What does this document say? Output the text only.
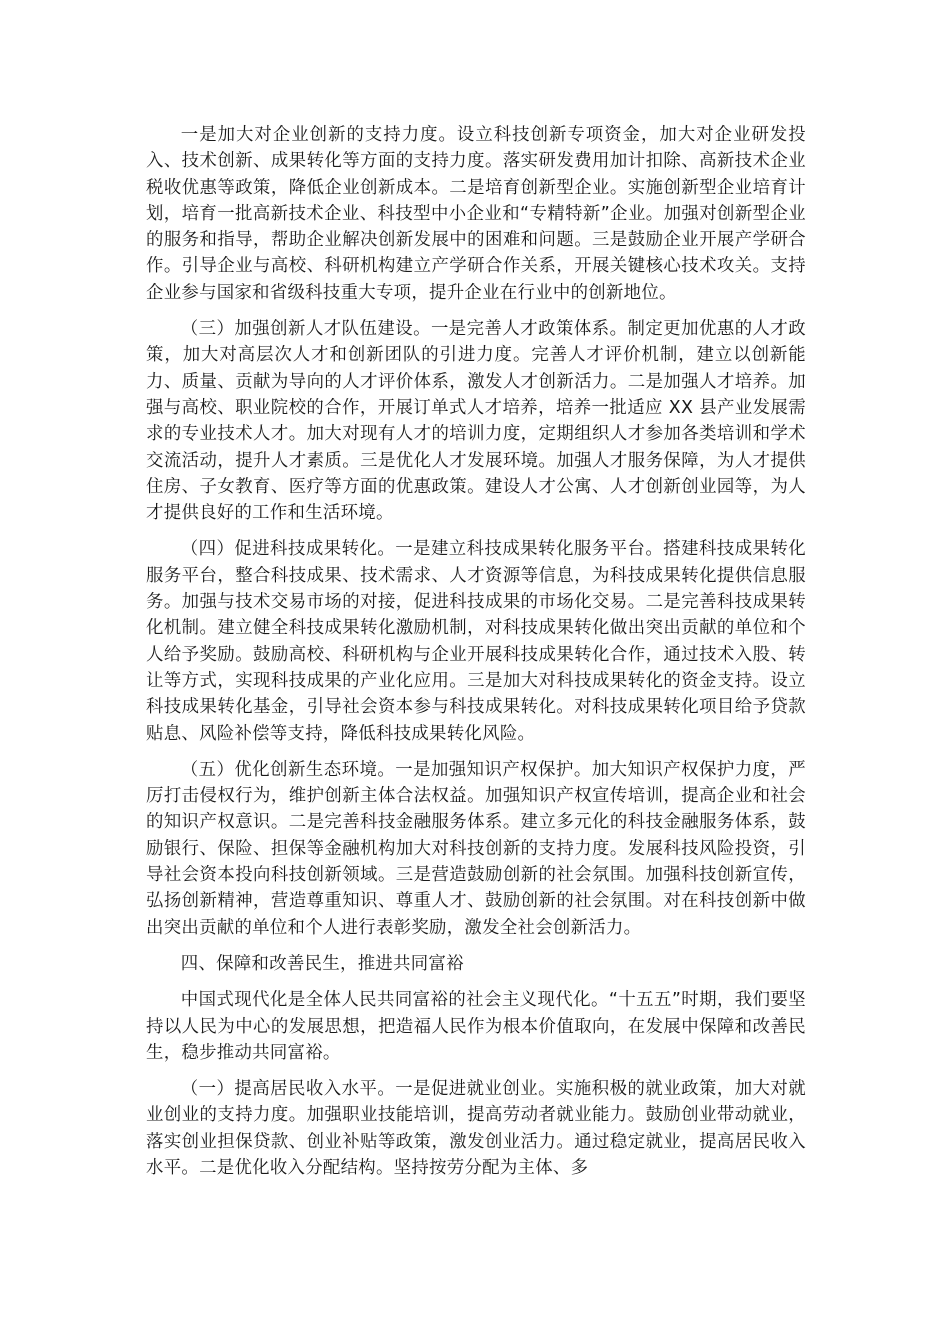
一是加大对企业创新的支持力度。设立科技创新专项资金，加大对企业研发投入、技术创新、成果转化等方面的支持力度。落实研发费用加计扣除、高新技术企业税收优惠等政策，降低企业创新成本。二是培育创新型企业。实施创新型企业培育计划，培育一批高新技术企业、科技型中小企业和“专精特新”企业。加强对创新型企业的服务和指导，帮助企业解决创新发展中的困难和问题。三是鼓励企业开展产学研合作。引导企业与高校、科研机构建立产学研合作关系，开展关键核心技术攻关。支持企业参与国家和省级科技重大专项，提升企业在行业中的创新地位。

（三）加强创新人才队伍建设。一是完善人才政策体系。制定更加优惠的人才政策，加大对高层次人才和创新团队的引进力度。完善人才评价机制，建立以创新能力、质量、贡献为导向的人才评价体系，激发人才创新活力。二是加强人才培养。加强与高校、职业院校的合作，开展订单式人才培养，培养一批适应 XX 县产业发展需求的专业技术人才。加大对现有人才的培训力度，定期组织人才参加各类培训和学术交流活动，提升人才素质。三是优化人才发展环境。加强人才服务保障，为人才提供住房、子女教育、医疗等方面的优惠政策。建设人才公寓、人才创新创业园等，为人才提供良好的工作和生活环境。

（四）促进科技成果转化。一是建立科技成果转化服务平台。搭建科技成果转化服务平台，整合科技成果、技术需求、人才资源等信息，为科技成果转化提供信息服务。加强与技术交易市场的对接，促进科技成果的市场化交易。二是完善科技成果转化机制。建立健全科技成果转化激励机制，对科技成果转化做出突出贡献的单位和个人给予奖励。鼓励高校、科研机构与企业开展科技成果转化合作，通过技术入股、转让等方式，实现科技成果的产业化应用。三是加大对科技成果转化的资金支持。设立科技成果转化基金，引导社会资本参与科技成果转化。对科技成果转化项目给予贷款贴息、风险补偿等支持，降低科技成果转化风险。

（五）优化创新生态环境。一是加强知识产权保护。加大知识产权保护力度，严厉打击侵权行为，维护创新主体合法权益。加强知识产权宣传培训，提高企业和社会的知识产权意识。二是完善科技金融服务体系。建立多元化的科技金融服务体系，鼓励银行、保险、担保等金融机构加大对科技创新的支持力度。发展科技风险投资，引导社会资本投向科技创新领域。三是营造鼓励创新的社会氛围。加强科技创新宣传，弘扬创新精神，营造尊重知识、尊重人才、鼓励创新的社会氛围。对在科技创新中做出突出贡献的单位和个人进行表彰奖励，激发全社会创新活力。

四、保障和改善民生，推进共同富裕

中国式现代化是全体人民共同富裕的社会主义现代化。“十五五”时期，我们要坚持以人民为中心的发展思想，把造福人民作为根本价值取向，在发展中保障和改善民生，稳步推动共同富裕。

（一）提高居民收入水平。一是促进就业创业。实施积极的就业政策，加大对就业创业的支持力度。加强职业技能培训，提高劳动者就业能力。鼓励创业带动就业，落实创业担保贷款、创业补贴等政策，激发创业活力。通过稳定就业，提高居民收入水平。二是优化收入分配结构。坚持按劳分配为主体、多
